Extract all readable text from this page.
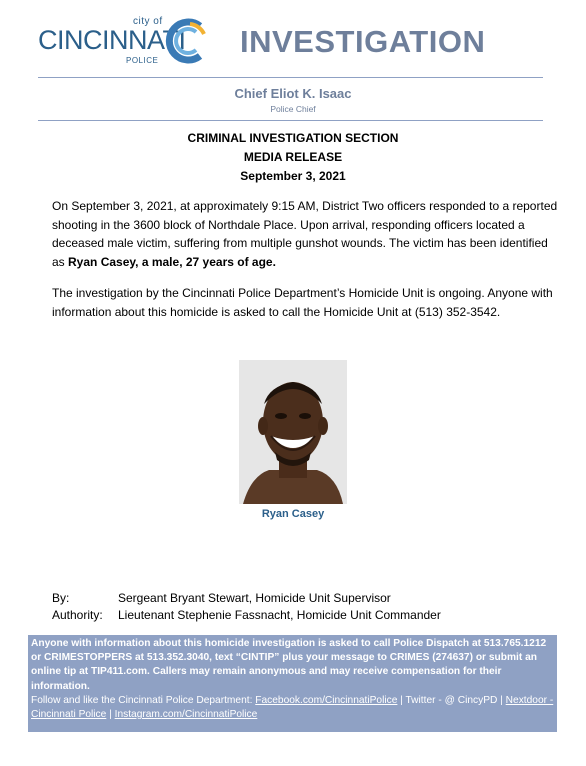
city of
CINCINNATI
POLICE
INVESTIGATION
Chief Eliot K. Isaac
Police Chief
CRIMINAL INVESTIGATION SECTION
MEDIA RELEASE
September 3, 2021
On September 3, 2021, at approximately 9:15 AM, District Two officers responded to a reported shooting in the 3600 block of Northdale Place. Upon arrival, responding officers located a deceased male victim, suffering from multiple gunshot wounds. The victim has been identified as Ryan Casey, a male, 27 years of age.
The investigation by the Cincinnati Police Department’s Homicide Unit is ongoing. Anyone with information about this homicide is asked to call the Homicide Unit at (513) 352-3542.
Ryan Casey
By:	Sergeant Bryant Stewart, Homicide Unit Supervisor
Authority: Lieutenant Stephenie Fassnacht, Homicide Unit Commander
Anyone with information about this homicide investigation is asked to call Police Dispatch at 513.765.1212 or CRIMESTOPPERS at 513.352.3040, text “CINTIP” plus your message to CRIMES (274637) or submit an online tip at TIP411.com. Callers may remain anonymous and may receive compensation for their information.
Follow and like the Cincinnati Police Department: Facebook.com/CincinnatiPolice | Twitter - @ CincyPD | Nextdoor - Cincinnati Police | Instagram.com/CincinnatiPolice
